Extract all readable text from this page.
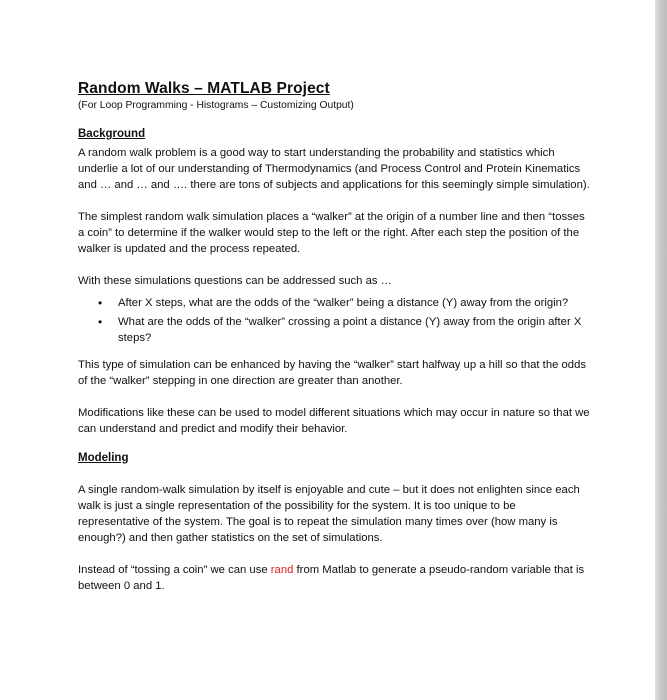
Random Walks – MATLAB Project
(For Loop Programming - Histograms – Customizing Output)
Background

A random walk problem is a good way to start understanding the probability and statistics which underlie a lot of our understanding of Thermodynamics (and Process Control and Protein Kinematics and … and … and …. there are tons of subjects and applications for this seemingly simple simulation).

The simplest random walk simulation places a “walker” at the origin of a number line and then “tosses a coin” to determine if the walker would step to the left or the right. After each step the position of the walker is updated and the process repeated.

With these simulations questions can be addressed such as …

• After X steps, what are the odds of the “walker” being a distance (Y) away from the origin?
• What are the odds of the “walker” crossing a point a distance (Y) away from the origin after X steps?

This type of simulation can be enhanced by having the “walker” start halfway up a hill so that the odds of the “walker” stepping in one direction are greater than another.

Modifications like these can be used to model different situations which may occur in nature so that we can understand and predict and modify their behavior.

Modeling

A single random-walk simulation by itself is enjoyable and cute – but it does not enlighten since each walk is just a single representation of the possibility for the system. It is too unique to be representative of the system. The goal is to repeat the simulation many times over (how many is enough?) and then gather statistics on the set of simulations.

Instead of “tossing a coin” we can use rand from Matlab to generate a pseudo-random variable that is between 0 and 1.
